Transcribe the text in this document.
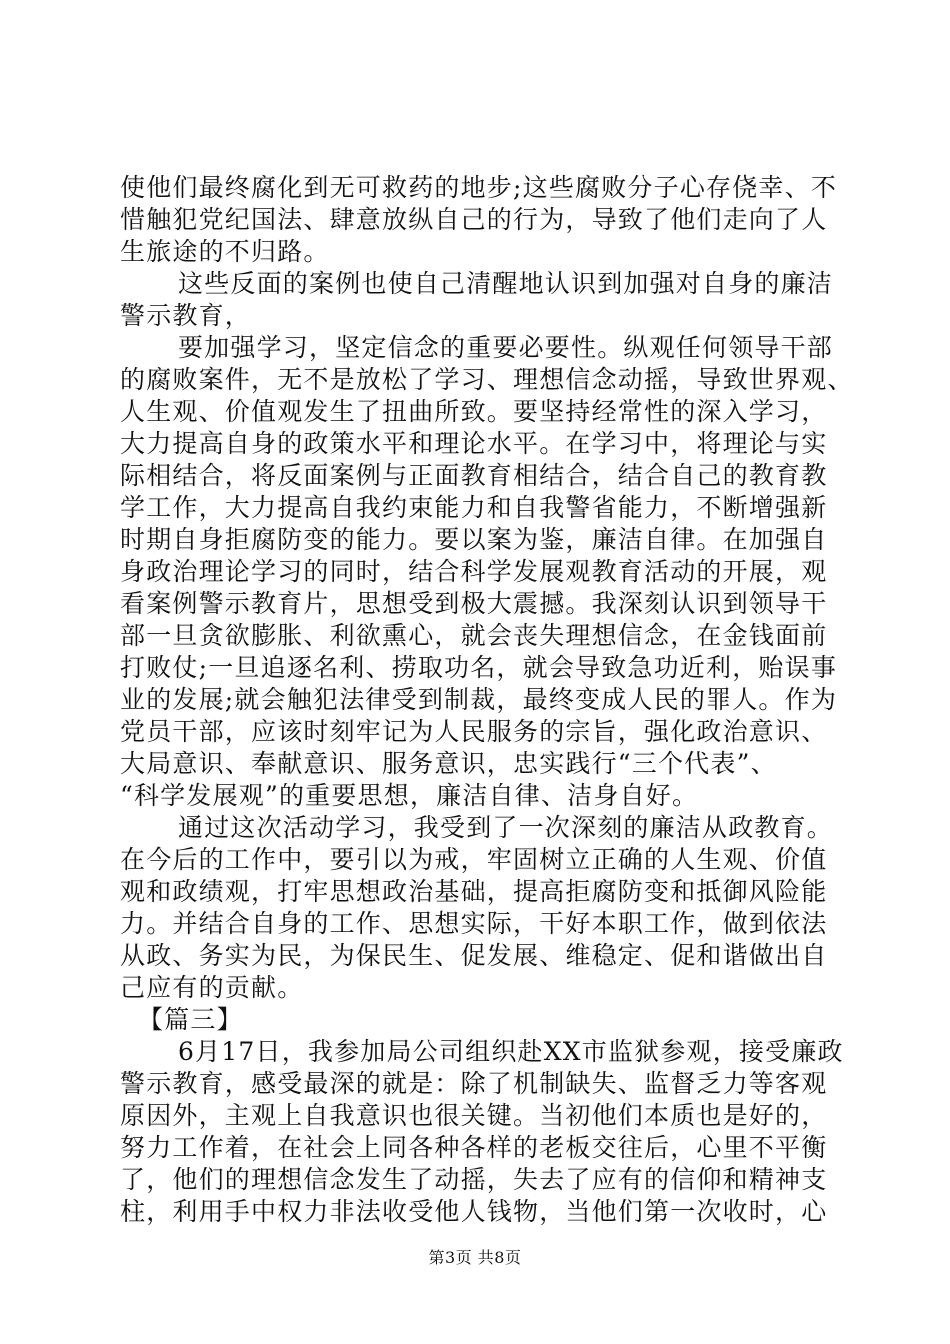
使他们最终腐化到无可救药的地步;这些腐败分子心存侥幸、不
惜触犯党纪国法、肆意放纵自己的行为，导致了他们走向了人
生旅途的不归路。
这些反面的案例也使自己清醒地认识到加强对自身的廉洁
警示教育，
要加强学习，坚定信念的重要必要性。纵观任何领导干部
的腐败案件，无不是放松了学习、理想信念动摇，导致世界观、
人生观、价值观发生了扭曲所致。要坚持经常性的深入学习，
大力提高自身的政策水平和理论水平。在学习中，将理论与实
际相结合，将反面案例与正面教育相结合，结合自己的教育教
学工作，大力提高自我约束能力和自我警省能力，不断增强新
时期自身拒腐防变的能力。要以案为鉴，廉洁自律。在加强自
身政治理论学习的同时，结合科学发展观教育活动的开展，观
看案例警示教育片，思想受到极大震撼。我深刻认识到领导干
部一旦贪欲膨胀、利欲熏心，就会丧失理想信念，在金钱面前
打败仗;一旦追逐名利、捞取功名，就会导致急功近利，贻误事
业的发展;就会触犯法律受到制裁，最终变成人民的罪人。作为
党员干部，应该时刻牢记为人民服务的宗旨，强化政治意识、
大局意识、奉献意识、服务意识，忠实践行“三个代表”、
“科学发展观”的重要思想，廉洁自律、洁身自好。
通过这次活动学习，我受到了一次深刻的廉洁从政教育。
在今后的工作中，要引以为戒，牢固树立正确的人生观、价值
观和政绩观，打牢思想政治基础，提高拒腐防变和抵御风险能
力。并结合自身的工作、思想实际，干好本职工作，做到依法
从政、务实为民，为保民生、促发展、维稳定、促和谐做出自
己应有的贡献。
【篇三】
6月17日，我参加局公司组织赴XX市监狱参观，接受廉政
警示教育，感受最深的就是：除了机制缺失、监督乏力等客观
原因外，主观上自我意识也很关键。当初他们本质也是好的，
努力工作着，在社会上同各种各样的老板交往后，心里不平衡
了，他们的理想信念发生了动摇，失去了应有的信仰和精神支
柱，利用手中权力非法收受他人钱物，当他们第一次收时，心
第3页 共8页
